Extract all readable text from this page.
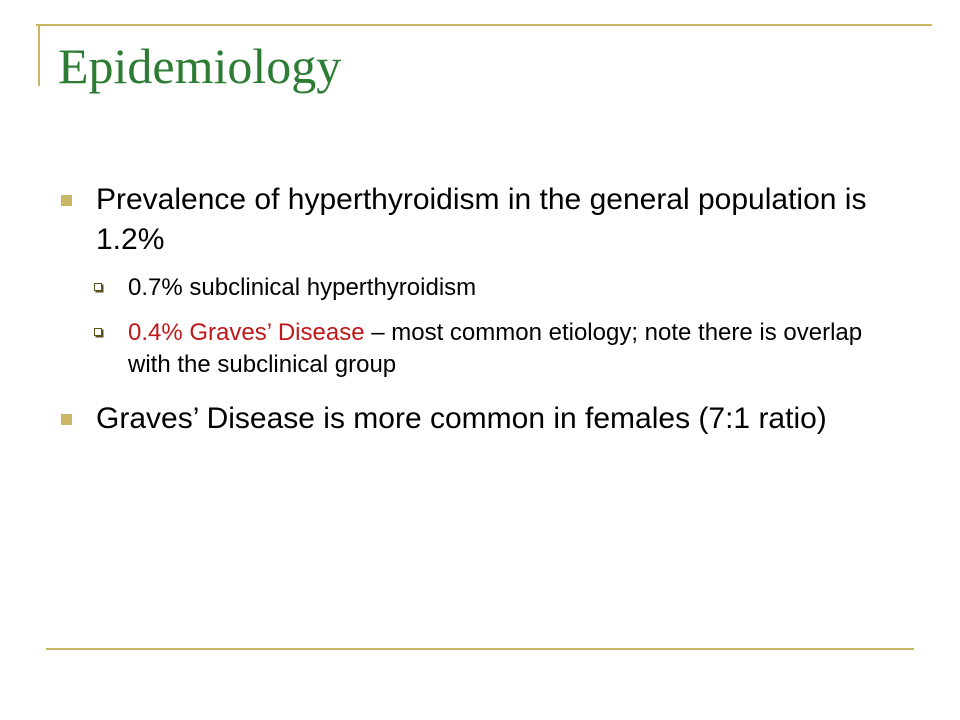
Epidemiology
Prevalence of hyperthyroidism in the general population is 1.2%
0.7% subclinical hyperthyroidism
0.4% Graves’ Disease – most common etiology; note there is overlap with the subclinical group
Graves’ Disease is more common in females (7:1 ratio)
